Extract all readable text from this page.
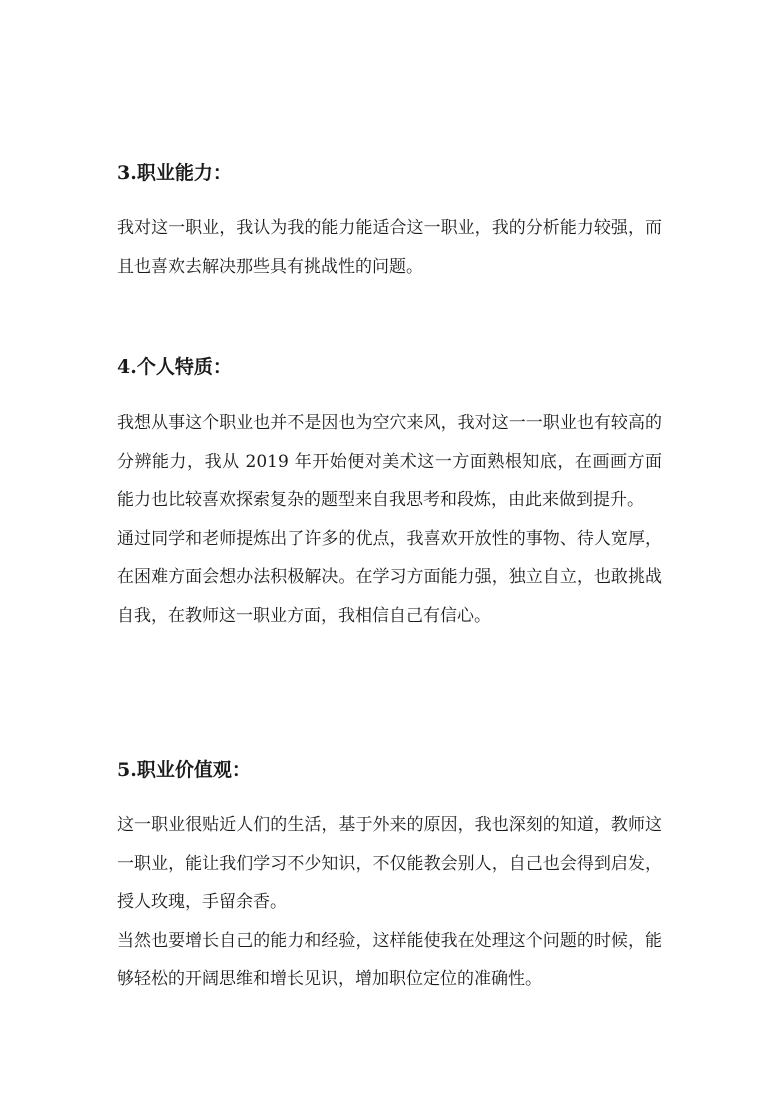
3.职业能力：

我对这一职业，我认为我的能力能适合这一职业，我的分析能力较强，而且也喜欢去解决那些具有挑战性的问题。

4.个人特质：

我想从事这个职业也并不是因也为空穴来风，我对这一一职业也有较高的分辨能力，我从 2019 年开始便对美术这一方面熟根知底，在画画方面能力也比较喜欢探索复杂的题型来自我思考和段炼，由此来做到提升。

通过同学和老师提炼出了许多的优点，我喜欢开放性的事物、待人宽厚，在困难方面会想办法积极解决。在学习方面能力强，独立自立，也敢挑战自我，在教师这一职业方面，我相信自己有信心。

5.职业价值观：

这一职业很贴近人们的生活，基于外来的原因，我也深刻的知道，教师这一职业，能让我们学习不少知识，不仅能教会别人，自己也会得到启发，授人玫瑰，手留余香。

当然也要增长自己的能力和经验，这样能使我在处理这个问题的时候，能够轻松的开阔思维和增长见识，增加职位定位的准确性。
